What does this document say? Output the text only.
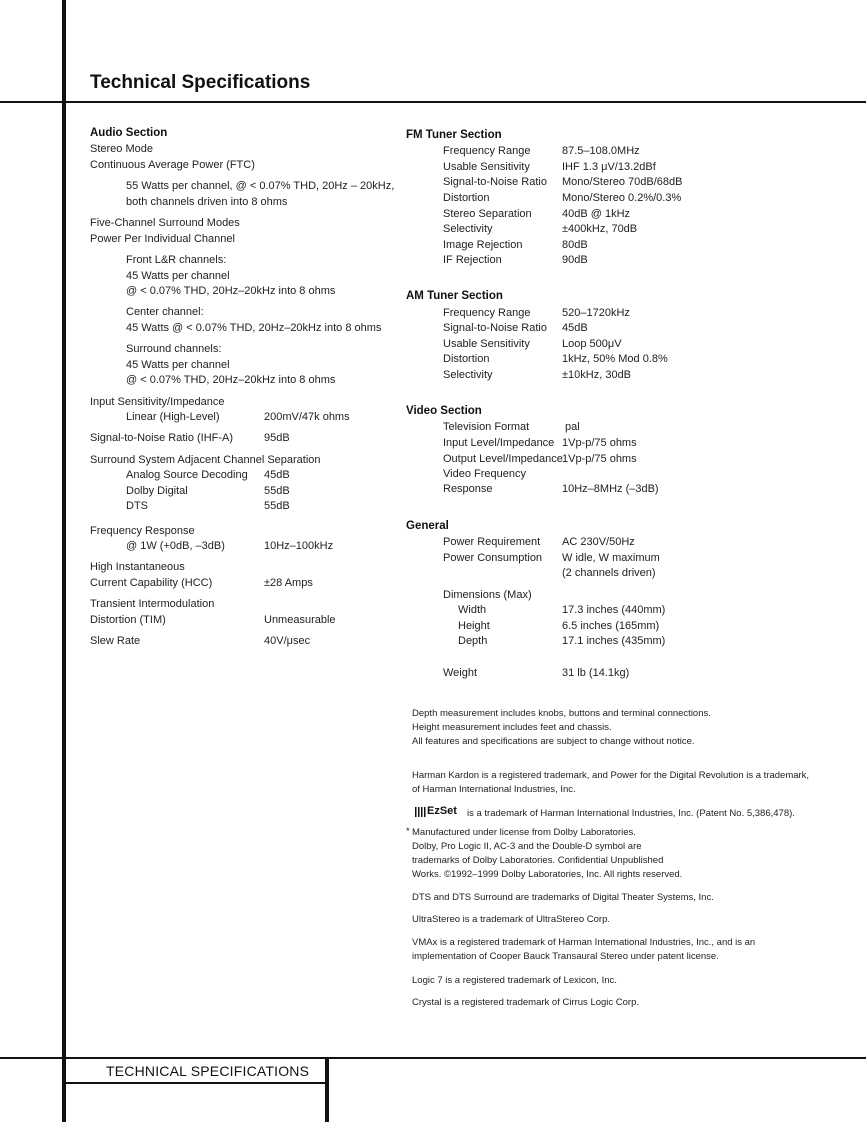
Technical Specifications
TECHNICAL SPECIFICATIONS
Audio Section
Stereo Mode
Continuous Average Power (FTC)
55 Watts per channel, @ < 0.07% THD, 20Hz – 20kHz,
both channels driven into 8 ohms
Five-Channel Surround Modes
Power Per Individual Channel
Front L&R channels:
45 Watts per channel
@ < 0.07% THD, 20Hz–20kHz into 8 ohms
Center channel:
45 Watts @ < 0.07% THD, 20Hz–20kHz into 8 ohms
Surround channels:
45 Watts per channel
@ < 0.07% THD, 20Hz–20kHz into 8 ohms
Input Sensitivity/Impedance
Linear (High-Level)	200mV/47k ohms
Signal-to-Noise Ratio (IHF-A)	95dB
Surround System Adjacent Channel Separation
Analog Source Decoding 45dB
Dolby Digital	55dB
DTS	55dB
Frequency Response
@ 1W (+0dB, –3dB)	10Hz–100kHz
High Instantaneous
Current Capability (HCC)	±28 Amps
Transient Intermodulation
Distortion (TIM)	Unmeasurable
Slew Rate	40V/μsec
FM Tuner Section
Frequency Range	87.5–108.0MHz
Usable Sensitivity	IHF 1.3 μV/13.2dBf
Signal-to-Noise Ratio Mono/Stereo 70dB/68dB
Distortion	Mono/Stereo 0.2%/0.3%
Stereo Separation	40dB @ 1kHz
Selectivity	±400kHz, 70dB
Image Rejection	80dB
IF Rejection	90dB
AM Tuner Section
Frequency Range	520–1720kHz
Signal-to-Noise Ratio 45dB
Usable Sensitivity	Loop 500μV
Distortion	1kHz, 50% Mod 0.8%
Selectivity	±10kHz, 30dB
Video Section
Television Format	pal
Input Level/Impedance 1Vp-p/75 ohms
Output Level/Impedance 1Vp-p/75 ohms
Video Frequency
Response	10Hz–8MHz (–3dB)
General
Power Requirement AC 230V/50Hz
Power Consumption W idle, W maximum
(2 channels driven)
Dimensions (Max)
Width	17.3 inches (440mm)
Height	6.5 inches (165mm)
Depth	17.1 inches (435mm)
Weight	31 lb (14.1kg)
Depth measurement includes knobs, buttons and terminal connections.
Height measurement includes feet and chassis.
All features and specifications are subject to change without notice.
Harman Kardon is a registered trademark, and Power for the Digital Revolution is a trademark,
of Harman International Industries, Inc.
EzSet is a trademark of Harman International Industries, Inc. (Patent No. 5,386,478).
* Manufactured under license from Dolby Laboratories.
Dolby, Pro Logic II, AC-3 and the Double-D symbol are
trademarks of Dolby Laboratories. Confidential Unpublished
Works. ©1992–1999 Dolby Laboratories, Inc. All rights reserved.
DTS and DTS Surround are trademarks of Digital Theater Systems, Inc.
UltraStereo is a trademark of UltraStereo Corp.
VMAx is a registered trademark of Harman International Industries, Inc., and is an
implementation of Cooper Bauck Transaural Stereo under patent license.
Logic 7 is a registered trademark of Lexicon, Inc.
Crystal is a registered trademark of Cirrus Logic Corp.
